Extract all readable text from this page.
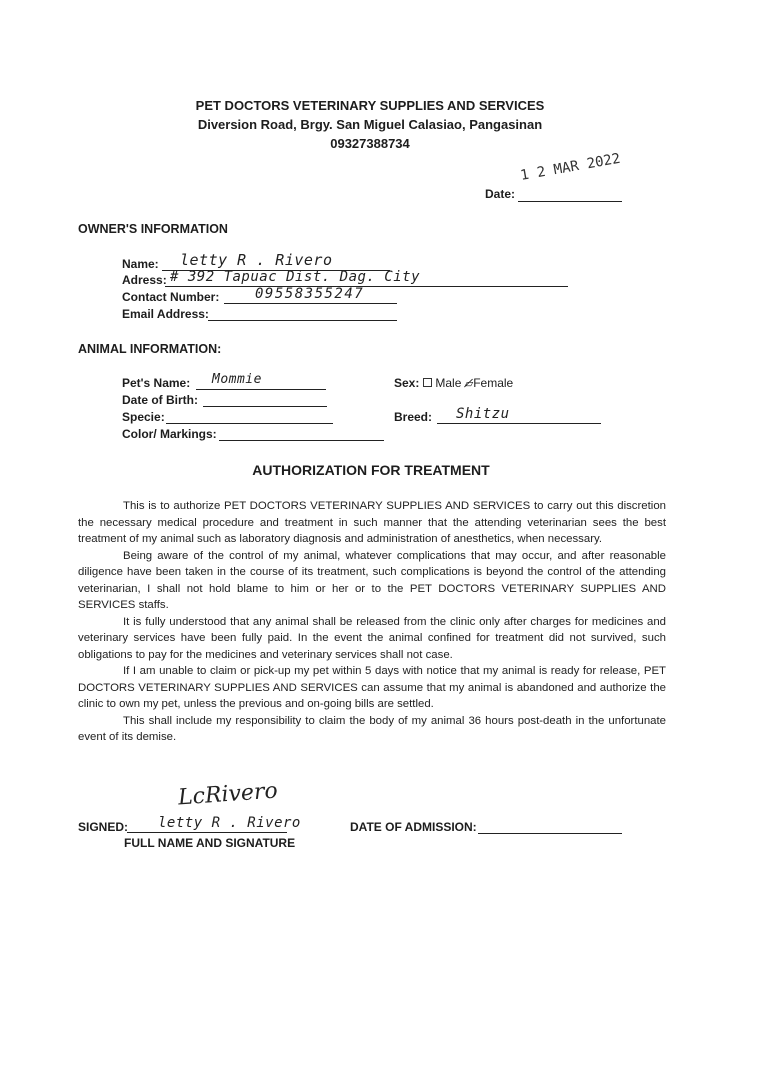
PET DOCTORS VETERINARY SUPPLIES AND SERVICES
Diversion Road, Brgy. San Miguel Calasiao, Pangasinan
09327388734
Date:
1 2 MAR 2022
OWNER'S INFORMATION
Name: letty R . Rivero
Adress: # 392 Tapuac Dist. Dag. City
Contact Number:	09558355247
Email Address:
ANIMAL INFORMATION:
Pet's Name: Mommie
Date of Birth:
Specie:
Color/ Markings:
Sex: Male ▱̸Female
Breed: Shitzu
AUTHORIZATION FOR TREATMENT

This is to authorize PET DOCTORS VETERINARY SUPPLIES AND SERVICES to carry out this discretion the necessary medical procedure and treatment in such manner that the attending veterinarian sees the best treatment of my animal such as laboratory diagnosis and administration of anesthetics, when necessary.

Being aware of the control of my animal, whatever complications that may occur, and after reasonable diligence have been taken in the course of its treatment, such complications is beyond the control of the attending veterinarian, I shall not hold blame to him or her or to the PET DOCTORS VETERINARY SUPPLIES AND SERVICES staffs.

It is fully understood that any animal shall be released from the clinic only after charges for medicines and veterinary services have been fully paid. In the event the animal confined for treatment did not survived, such obligations to pay for the medicines and veterinary services shall not case.

If I am unable to claim or pick-up my pet within 5 days with notice that my animal is ready for release, PET DOCTORS VETERINARY SUPPLIES AND SERVICES can assume that my animal is abandoned and authorize the clinic to own my pet, unless the previous and on-going bills are settled.

This shall include my responsibility to claim the body of my animal 36 hours post-death in the unfortunate event of its demise.

LcRivero
SIGNED: letty R . Rivero
FULL NAME AND SIGNATURE
DATE OF ADMISSION:
